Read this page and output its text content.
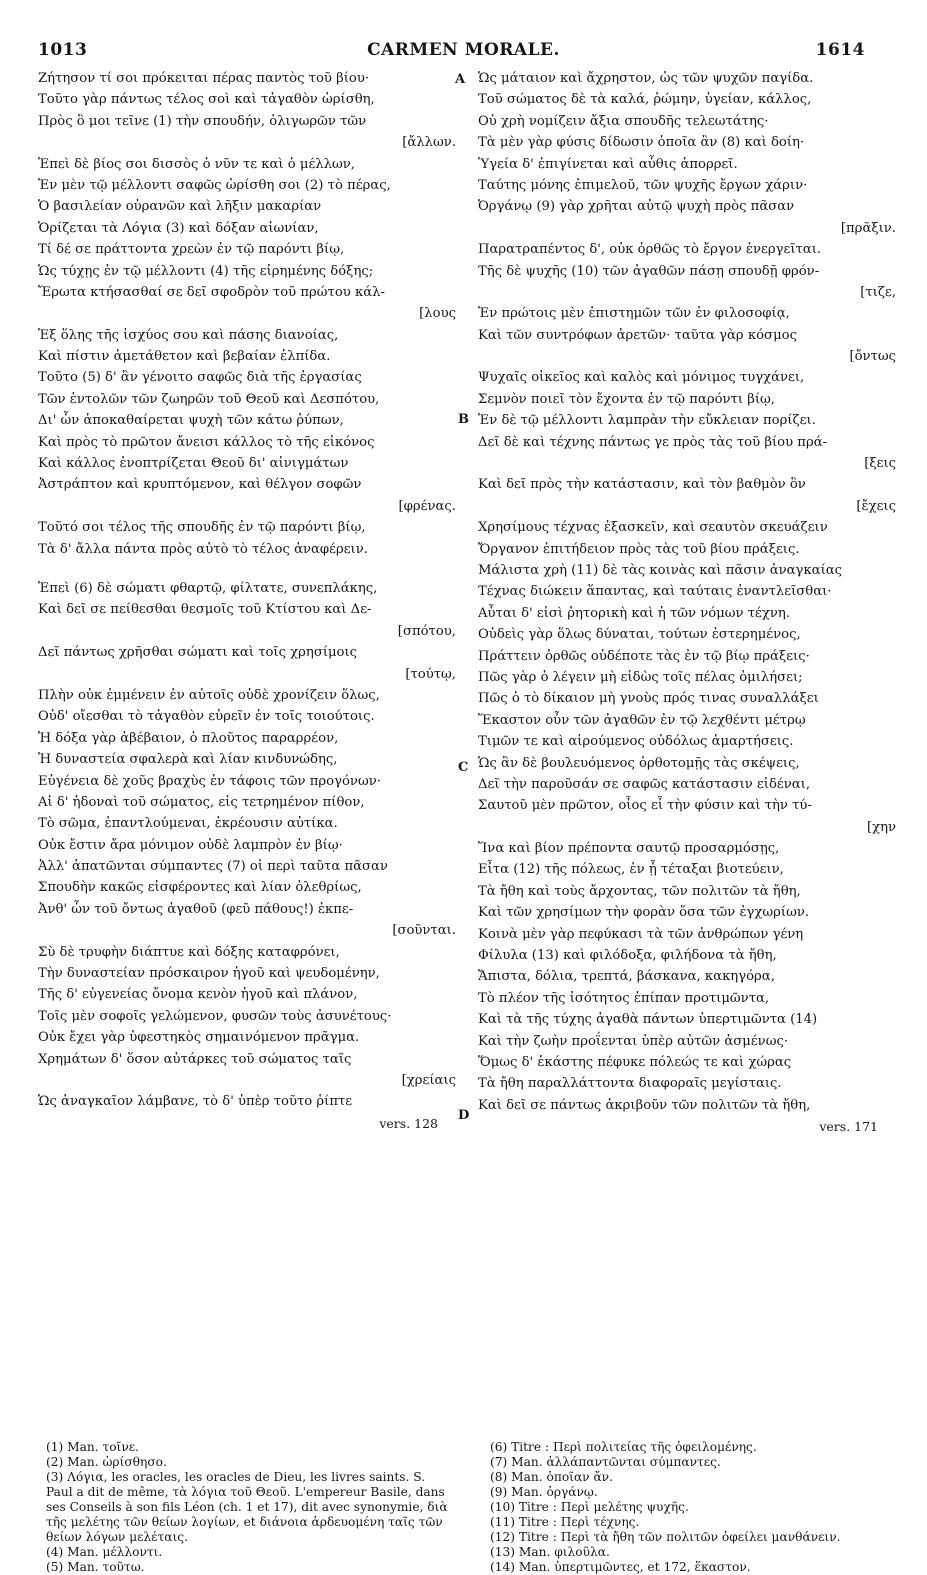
1013	CARMEN MORALE.	1614
Ζήτησον τί σοι πρόκειται πέρας παντὸς τοῦ βίου·
Τοῦτο γὰρ πάντως τέλος σοὶ καὶ τἀγαθὸν ὡρίσθη,
Πρὸς ὃ μοι τεῖνε (1) τὴν σπουδήν, ὀλιγωρῶν τῶν
[ἄλλων.
Ἐπεὶ δὲ βίος σοι δισσὸς ὁ νῦν τε καὶ ὁ μέλλων,
Ἐν μὲν τῷ μέλλοντι σαφῶς ὡρίσθη σοι (2) τὸ πέρας,
Ὁ βασιλείαν οὐρανῶν καὶ λῆξιν μακαρίαν
Ὁρίζεται τὰ Λόγια (3) καὶ δόξαν αἰωνίαν,
Τί δέ σε πράττοντα χρεὼν ἐν τῷ παρόντι βίῳ,
Ὡς τύχῃς ἐν τῷ μέλλοντι (4) τῆς εἰρημένης δόξης;
Ἔρωτα κτήσασθαί σε δεῖ σφοδρὸν τοῦ πρώτου κάλ-
[λους
Ἐξ ὅλης τῆς ἰσχύος σου καὶ πάσης διανοίας,
Καὶ πίστιν ἀμετάθετον καὶ βεβαίαν ἐλπίδα.
Τοῦτο (5) δ' ἂν γένοιτο σαφῶς διὰ τῆς ἐργασίας
Τῶν ἐντολῶν τῶν ζωηρῶν τοῦ Θεοῦ καὶ Δεσπότου,
Δι' ὧν ἀποκαθαίρεται ψυχὴ τῶν κάτω ῥύπων,
Καὶ πρὸς τὸ πρῶτον ἄνεισι κάλλος τὸ τῆς εἰκόνος
Καὶ κάλλος ἐνοπτρίζεται Θεοῦ δι' αἰνιγμάτων
Ἀστράπτον καὶ κρυπτόμενον, καὶ θέλγον σοφῶν
[φρένας.
Τοῦτό σοι τέλος τῆς σπουδῆς ἐν τῷ παρόντι βίῳ,
Τὰ δ' ἄλλα πάντα πρὸς αὐτὸ τὸ τέλος ἀναφέρειν.
Ἐπεὶ (6) δὲ σώματι φθαρτῷ, φίλτατε, συνεπλάκης,
Καὶ δεῖ σε πείθεσθαι θεσμοῖς τοῦ Κτίστου καὶ Δε-
[σπότου,
Δεῖ πάντως χρῆσθαι σώματι καὶ τοῖς χρησίμοις
[τούτῳ,
Πλὴν οὐκ ἐμμένειν ἐν αὐτοῖς οὐδὲ χρονίζειν ὅλως,
Οὐδ' οἴεσθαι τὸ τἀγαθὸν εὑρεῖν ἐν τοῖς τοιούτοις.
Ἡ δόξα γὰρ ἀβέβαιον, ὁ πλοῦτος παραρρέον,
Ἡ δυναστεία σφαλερὰ καὶ λίαν κινδυνώδης,
Εὐγένεια δὲ χοῦς βραχὺς ἐν τάφοις τῶν προγόνων·
Αἱ δ' ἡδοναὶ τοῦ σώματος, εἰς τετρημένον πίθον,
Τὸ σῶμα, ἐπαντλούμεναι, ἐκρέουσιν αὐτίκα.
Οὐκ ἔστιν ἄρα μόνιμον οὐδὲ λαμπρὸν ἐν βίῳ·
Ἀλλ' ἀπατῶνται σύμπαντες (7) οἱ περὶ ταῦτα πᾶσαν
Σπουδὴν κακῶς εἰσφέροντες καὶ λίαν ὀλεθρίως,
Ἀνθ' ὧν τοῦ ὄντως ἀγαθοῦ (φεῦ πάθους!) ἐκπε-
[σοῦνται.
Σὺ δὲ τρυφὴν διάπτυε καὶ δόξης καταφρόνει,
Τὴν δυναστείαν πρόσκαιρον ἡγοῦ καὶ ψευδομένην,
Τῆς δ' εὐγενείας ὄνομα κενὸν ἡγοῦ καὶ πλάνον,
Τοῖς μὲν σοφοῖς γελώμενον, φυσῶν τοὺς ἀσυνέτους·
Οὐκ ἔχει γὰρ ὑφεστηκὸς σημαινόμενον πρᾶγμα.
Χρημάτων δ' ὅσον αὐτάρκες τοῦ σώματος ταῖς
[χρείαις
Ὡς ἀναγκαῖον λάμβανε, τὸ δ' ὑπὲρ τοῦτο ῥίπτε
vers. 128
Ὡς μάταιον καὶ ἄχρηστον, ὡς τῶν ψυχῶν παγίδα.
Τοῦ σώματος δὲ τὰ καλά, ῥώμην, ὑγείαν, κάλλος,
Οὐ χρὴ νομίζειν ἄξια σπουδῆς τελεωτάτης·
Τὰ μὲν γὰρ φύσις δίδωσιν ὁποῖα ἂν (8) καὶ δοίη·
Ὑγεία δ' ἐπιγίνεται καὶ αὖθις ἀπορρεῖ.
Ταύτης μόνης ἐπιμελοῦ, τῶν ψυχῆς ἔργων χάριν·
Ὀργάνῳ (9) γὰρ χρῆται αὐτῷ ψυχὴ πρὸς πᾶσαν
[πρᾶξιν.
Παρατραπέντος δ', οὐκ ὀρθῶς τὸ ἔργον ἐνεργεῖται.
Τῆς δὲ ψυχῆς (10) τῶν ἀγαθῶν πάσῃ σπουδῇ φρόν-
[τιζε,
Ἐν πρώτοις μὲν ἐπιστημῶν τῶν ἐν φιλοσοφίᾳ,
Καὶ τῶν συντρόφων ἀρετῶν· ταῦτα γὰρ κόσμος
[ὄντως
Ψυχαῖς οἰκεῖος καὶ καλὸς καὶ μόνιμος τυγχάνει,
Σεμνὸν ποιεῖ τὸν ἔχοντα ἐν τῷ παρόντι βίῳ,
Ἐν δὲ τῷ μέλλοντι λαμπρὰν τὴν εὔκλειαν πορίζει.
Δεῖ δὲ καὶ τέχνης πάντως γε πρὸς τὰς τοῦ βίου πρά-
[ξεις
Καὶ δεῖ πρὸς τὴν κατάστασιν, καὶ τὸν βαθμὸν ὃν
[ἔχεις
Χρησίμους τέχνας ἐξασκεῖν, καὶ σεαυτὸν σκευάζειν
Ὄργανον ἐπιτήδειον πρὸς τὰς τοῦ βίου πράξεις.
Μάλιστα χρὴ (11) δὲ τὰς κοινὰς καὶ πᾶσιν ἀναγκαίας
Τέχνας διώκειν ἅπαντας, καὶ ταύταις ἐναντλεῖσθαι·
Αὗται δ' εἰσὶ ῥητορικὴ καὶ ἡ τῶν νόμων τέχνη.
Οὐδεὶς γὰρ ὅλως δύναται, τούτων ἐστερημένος,
Πράττειν ὀρθῶς οὐδέποτε τὰς ἐν τῷ βίῳ πράξεις·
Πῶς γὰρ ὁ λέγειν μὴ εἰδὼς τοῖς πέλας ὁμιλήσει;
Πῶς ὁ τὸ δίκαιον μὴ γνοὺς πρός τινας συναλλάξει
Ἕκαστον οὖν τῶν ἀγαθῶν ἐν τῷ λεχθέντι μέτρῳ
Τιμῶν τε καὶ αἱρούμενος οὐδόλως ἁμαρτήσεις.
Ὡς ἂν δὲ βουλευόμενος ὀρθοτομῇς τὰς σκέψεις,
Δεῖ τὴν παροῦσάν σε σαφῶς κατάστασιν εἰδέναι,
Σαυτοῦ μὲν πρῶτον, οἷος εἶ τὴν φύσιν καὶ τὴν τύ-
[χην
Ἵνα καὶ βίον πρέποντα σαυτῷ προσαρμόσῃς,
Εἶτα (12) τῆς πόλεως, ἐν ᾗ τέταξαι βιοτεύειν,
Τὰ ἤθη καὶ τοὺς ἄρχοντας, τῶν πολιτῶν τὰ ἤθη,
Καὶ τῶν χρησίμων τὴν φορὰν ὅσα τῶν ἐγχωρίων.
Κοινὰ μὲν γὰρ πεφύκασι τὰ τῶν ἀνθρώπων γένη
Φίλυλα (13) καὶ φιλόδοξα, φιλήδονα τὰ ἤθη,
Ἄπιστα, δόλια, τρεπτά, βάσκανα, κακηγόρα,
Τὸ πλέον τῆς ἰσότητος ἐπίπαν προτιμῶντα,
Καὶ τὰ τῆς τύχης ἀγαθὰ πάντων ὑπερτιμῶντα (14)
Καὶ τὴν ζωὴν προΐενται ὑπὲρ αὐτῶν ἀσμένως·
Ὅμως δ' ἑκάστης πέφυκε πόλεώς τε καὶ χώρας
Τὰ ἤθη παραλλάττοντα διαφοραῖς μεγίσταις.
Καὶ δεῖ σε πάντως ἀκριβοῦν τῶν πολιτῶν τὰ ἤθη,
vers. 171
A
B
C
D

(1) Man. τοῖνε.

(2) Man. ὡρίσθησο.

(3) Λόγια, les oracles, les oracles de Dieu, les livres saints. S. Paul a dit de même, τὰ λόγια τοῦ Θεοῦ. L'empereur Basile, dans ses Conseils à son fils Léon (ch. 1 et 17), dit avec synonymie, διὰ τῆς μελέτης τῶν θείων λογίων, et διάνοια ἀρδευομένη ταῖς τῶν θείων λόγων μελέταις.

(4) Man. μέλλοντι.

(5) Man. τοῦτω.

(6) Titre : Περὶ πολιτείας τῆς ὀφειλομένης.

(7) Man. ἀλλάπαντῶνται σύμπαντες.

(8) Man. ὁποῖαν ἄν.

(9) Man. ὀργάνῳ.

(10) Titre : Περὶ μελέτης ψυχῆς.

(11) Titre : Περὶ τέχνης.

(12) Titre : Περὶ τὰ ἤθη τῶν πολιτῶν ὀφείλει μανθάνειν.

(13) Man. φιλοῦλα.

(14) Man. ὑπερτιμῶντες, et 172, ἕκαστον.
